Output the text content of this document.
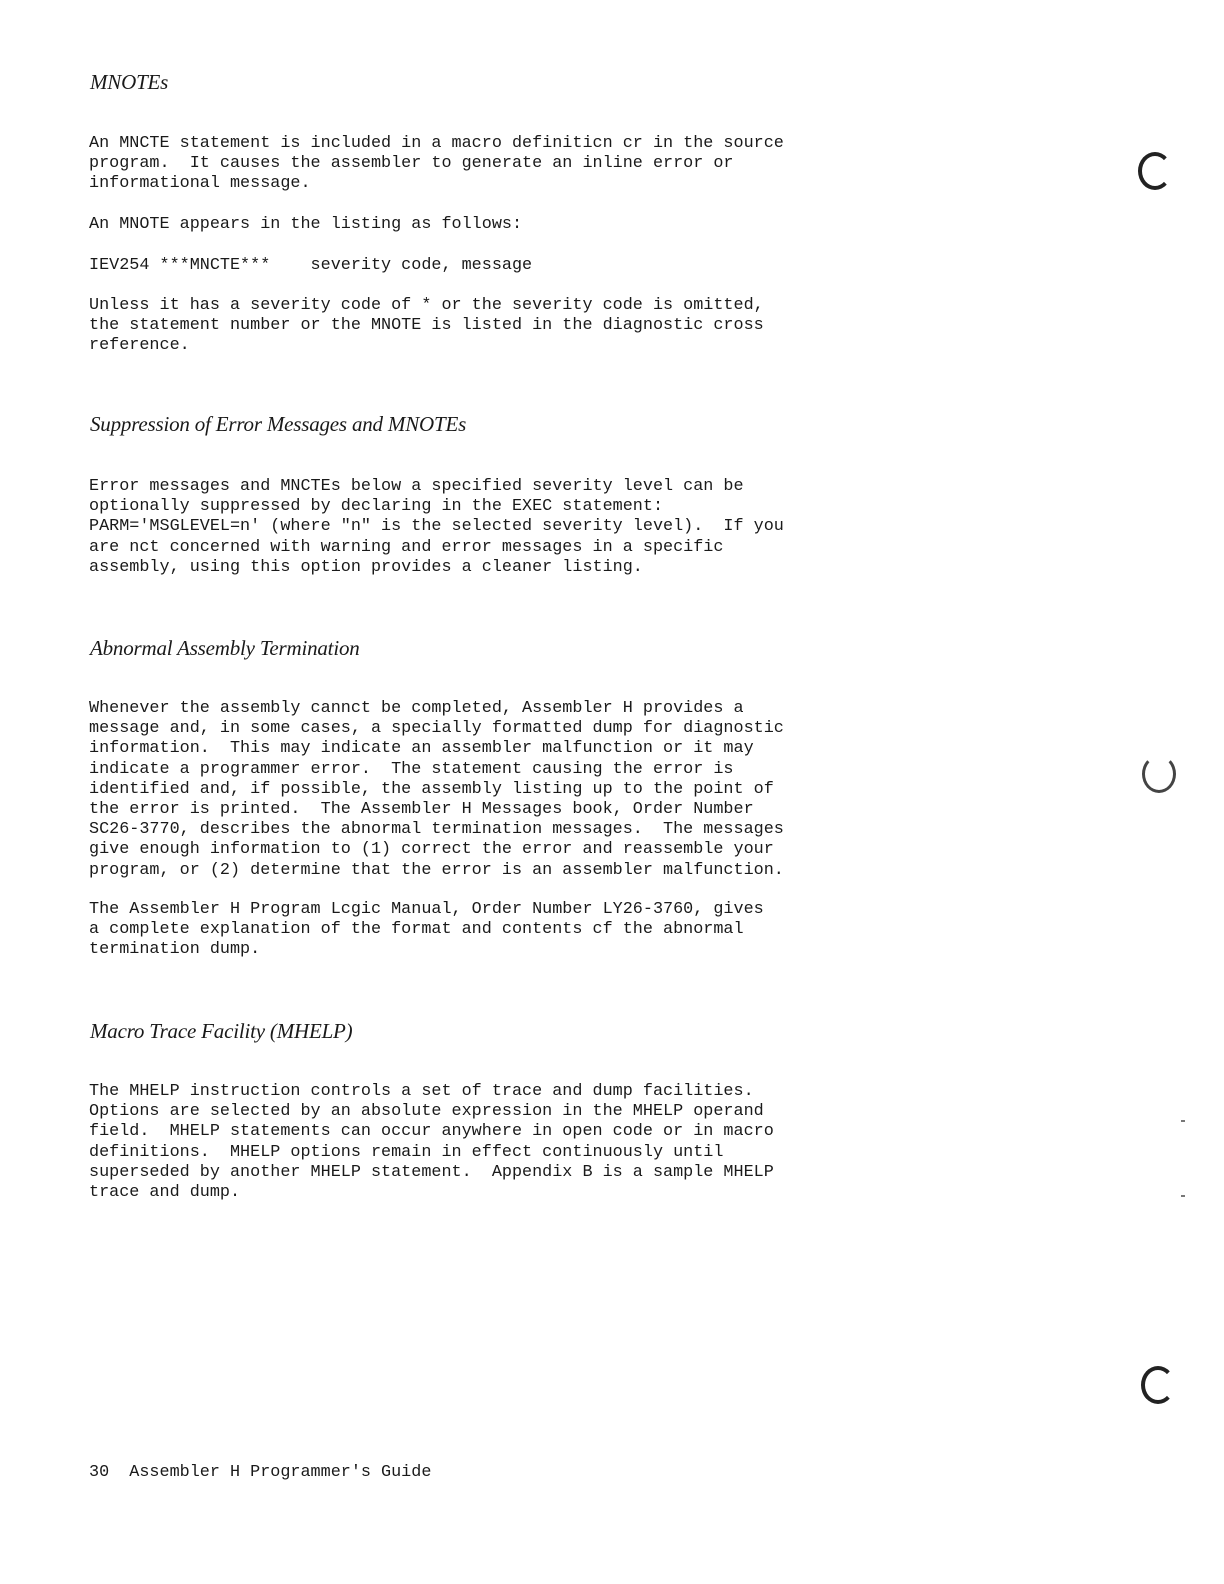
MNOTEs

An MNCTE statement is included in a macro definiticn cr in the source
program.  It causes the assembler to generate an inline error or
informational message.

An MNOTE appears in the listing as follows:

IEV254 ***MNCTE***    severity code, message

Unless it has a severity code of * or the severity code is omitted,
the statement number or the MNOTE is listed in the diagnostic cross
reference.

Suppression of Error Messages and MNOTEs

Error messages and MNCTEs below a specified severity level can be
optionally suppressed by declaring in the EXEC statement:
PARM='MSGLEVEL=n' (where "n" is the selected severity level).  If you
are nct concerned with warning and error messages in a specific
assembly, using this option provides a cleaner listing.

Abnormal Assembly Termination

Whenever the assembly cannct be completed, Assembler H provides a
message and, in some cases, a specially formatted dump for diagnostic
information.  This may indicate an assembler malfunction or it may
indicate a programmer error.  The statement causing the error is
identified and, if possible, the assembly listing up to the point of
the error is printed.  The Assembler H Messages book, Order Number
SC26-3770, describes the abnormal termination messages.  The messages
give enough information to (1) correct the error and reassemble your
program, or (2) determine that the error is an assembler malfunction.

The Assembler H Program Lcgic Manual, Order Number LY26-3760, gives
a complete explanation of the format and contents cf the abnormal
termination dump.

Macro Trace Facility (MHELP)

The MHELP instruction controls a set of trace and dump facilities.
Options are selected by an absolute expression in the MHELP operand
field.  MHELP statements can occur anywhere in open code or in macro
definitions.  MHELP options remain in effect continuously until
superseded by another MHELP statement.  Appendix B is a sample MHELP
trace and dump.

30  Assembler H Programmer's Guide
